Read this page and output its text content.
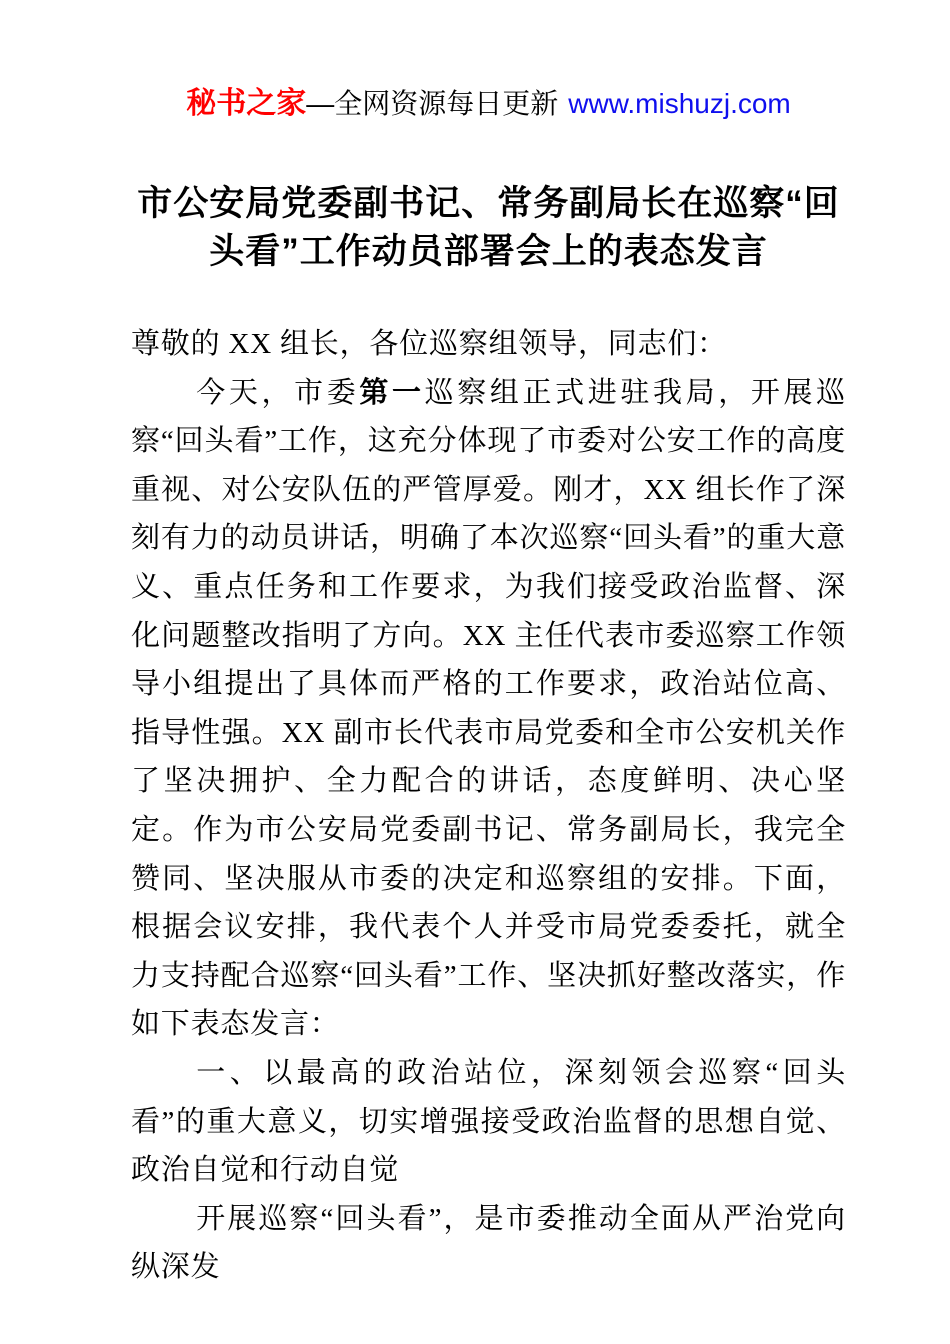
秘书之家—全网资源每日更新 www.mishuzj.com
市公安局党委副书记、常务副局长在巡察“回
头看”工作动员部署会上的表态发言

尊敬的 XX 组长，各位巡察组领导，同志们：

今天，市委第一巡察组正式进驻我局，开展巡察“回头看”工作，这充分体现了市委对公安工作的高度重视、对公安队伍的严管厚爱。刚才，XX 组长作了深刻有力的动员讲话，明确了本次巡察“回头看”的重大意义、重点任务和工作要求，为我们接受政治监督、深化问题整改指明了方向。XX 主任代表市委巡察工作领导小组提出了具体而严格的工作要求，政治站位高、指导性强。XX 副市长代表市局党委和全市公安机关作了坚决拥护、全力配合的讲话，态度鲜明、决心坚定。作为市公安局党委副书记、常务副局长，我完全赞同、坚决服从市委的决定和巡察组的安排。下面，根据会议安排，我代表个人并受市局党委委托，就全力支持配合巡察“回头看”工作、坚决抓好整改落实，作如下表态发言：

一、以最高的政治站位，深刻领会巡察“回头看”的重大意义，切实增强接受政治监督的思想自觉、政治自觉和行动自觉

开展巡察“回头看”，是市委推动全面从严治党向纵深发
